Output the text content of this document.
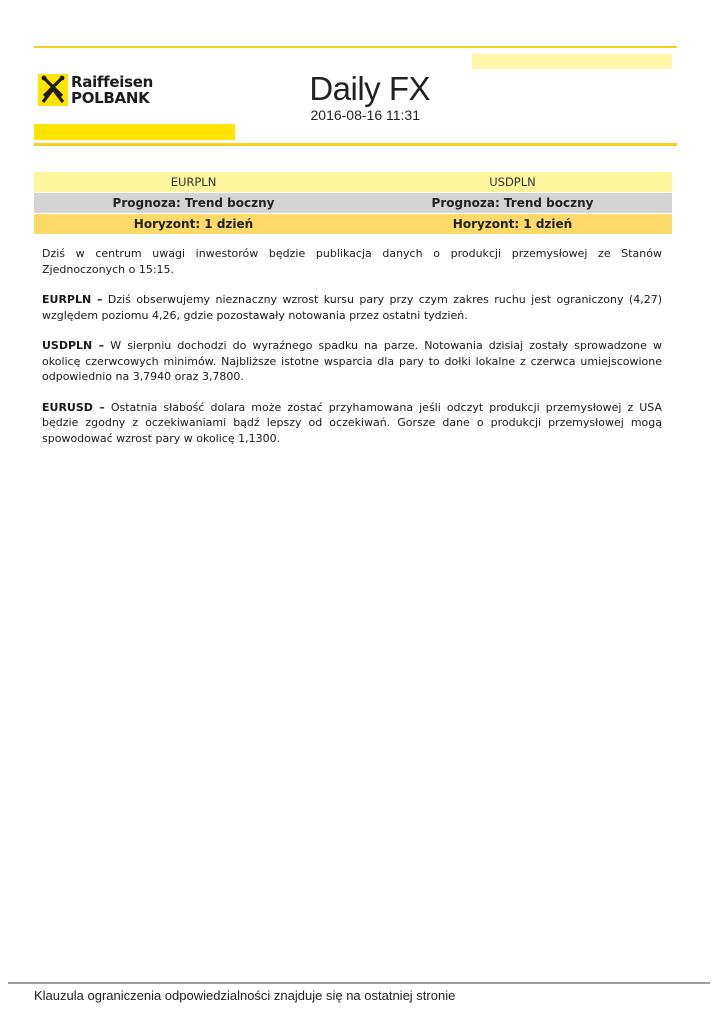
Raiffeisen
POLBANK	Daily FX
2016-08-16 11:31
EURPLN	USDPLN
Prognoza: Trend boczny	Prognoza: Trend boczny
Horyzont: 1 dzień	Horyzont: 1 dzień

Dziś w centrum uwagi inwestorów będzie publikacja danych o produkcji przemysłowej ze Stanów Zjednoczonych o 15:15.

EURPLN – Dziś obserwujemy nieznaczny wzrost kursu pary przy czym zakres ruchu jest ograniczony (4,27) względem poziomu 4,26, gdzie pozostawały notowania przez ostatni tydzień.

USDPLN – W sierpniu dochodzi do wyraźnego spadku na parze. Notowania dzisiaj zostały sprowadzone w okolicę czerwcowych minimów. Najbliższe istotne wsparcia dla pary to dołki lokalne z czerwca umiejscowione odpowiednio na 3,7940 oraz 3,7800.

EURUSD – Ostatnia słabość dolara może zostać przyhamowana jeśli odczyt produkcji przemysłowej z USA będzie zgodny z oczekiwaniami bądź lepszy od oczekiwań. Gorsze dane o produkcji przemysłowej mogą spowodować wzrost pary w okolicę 1,1300.

Klauzula ograniczenia odpowiedzialności znajduje się na ostatniej stronie
